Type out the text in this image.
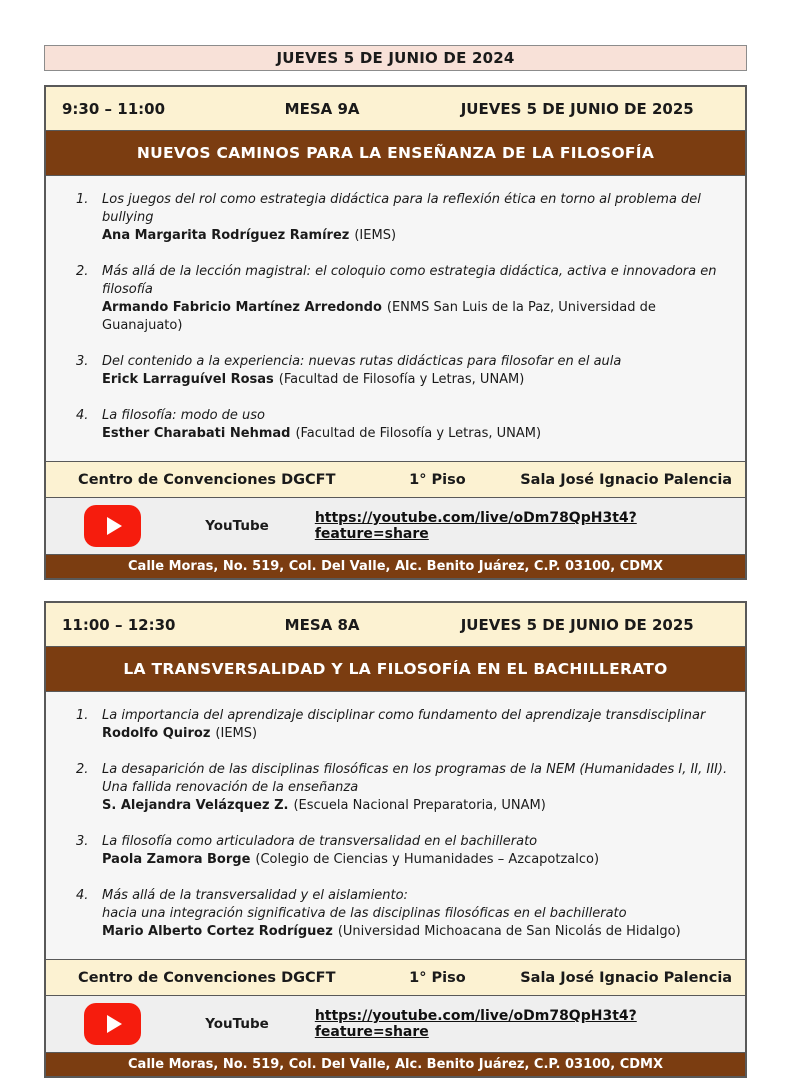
JUEVES 5 DE JUNIO DE 2024
9:30 – 11:00	MESA 9A	JUEVES 5 DE JUNIO DE 2025
NUEVOS CAMINOS PARA LA ENSEÑANZA DE LA FILOSOFÍA
1.	Los juegos del rol como estrategia didáctica para la reflexión ética en torno al problema del bullying
Ana Margarita Rodríguez Ramírez (IEMS)
2.	Más allá de la lección magistral: el coloquio como estrategia didáctica, activa e innovadora en filosofía
Armando Fabricio Martínez Arredondo (ENMS San Luis de la Paz, Universidad de Guanajuato)
3.	Del contenido a la experiencia: nuevas rutas didácticas para filosofar en el aula
Erick Larraguível Rosas (Facultad de Filosofía y Letras, UNAM)
4.	La filosofía: modo de uso
Esther Charabati Nehmad (Facultad de Filosofía y Letras, UNAM)
Centro de Convenciones DGCFT	1° Piso	Sala José Ignacio Palencia
YouTube	https://youtube.com/live/oDm78QpH3t4?feature=share
Calle Moras, No. 519, Col. Del Valle, Alc. Benito Juárez, C.P. 03100, CDMX
11:00 – 12:30	MESA 8A	JUEVES 5 DE JUNIO DE 2025
LA TRANSVERSALIDAD Y LA FILOSOFÍA EN EL BACHILLERATO
1.	La importancia del aprendizaje disciplinar como fundamento del aprendizaje transdisciplinar
Rodolfo Quiroz (IEMS)
2.	La desaparición de las disciplinas filosóficas en los programas de la NEM (Humanidades I, II, III).
Una fallida renovación de la enseñanza
S. Alejandra Velázquez Z. (Escuela Nacional Preparatoria, UNAM)
3.	La filosofía como articuladora de transversalidad en el bachillerato
Paola Zamora Borge (Colegio de Ciencias y Humanidades – Azcapotzalco)
4.	Más allá de la transversalidad y el aislamiento:
hacia una integración significativa de las disciplinas filosóficas en el bachillerato
Mario Alberto Cortez Rodríguez (Universidad Michoacana de San Nicolás de Hidalgo)
Centro de Convenciones DGCFT	1° Piso	Sala José Ignacio Palencia
YouTube	https://youtube.com/live/oDm78QpH3t4?feature=share
Calle Moras, No. 519, Col. Del Valle, Alc. Benito Juárez, C.P. 03100, CDMX
